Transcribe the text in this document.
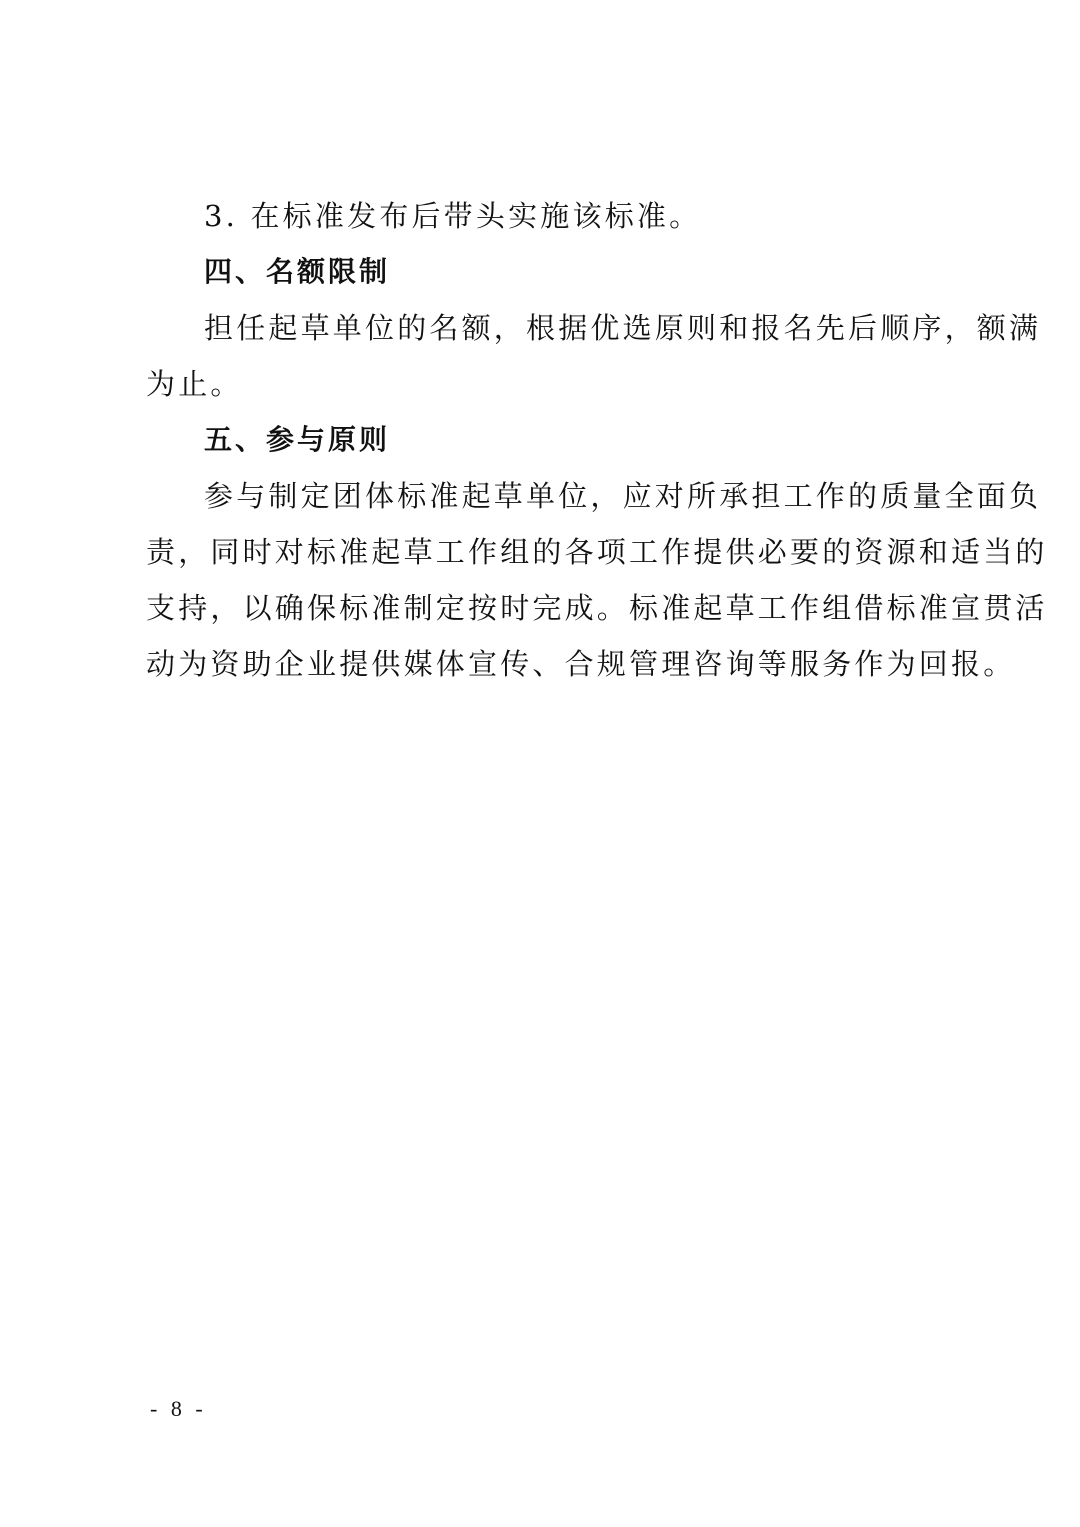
3. 在标准发布后带头实施该标准。

四、名额限制

担任起草单位的名额，根据优选原则和报名先后顺序，额满

为止。

五、参与原则

参与制定团体标准起草单位，应对所承担工作的质量全面负

责，同时对标准起草工作组的各项工作提供必要的资源和适当的

支持，以确保标准制定按时完成。标准起草工作组借标准宣贯活

动为资助企业提供媒体宣传、合规管理咨询等服务作为回报。

- 8 -
